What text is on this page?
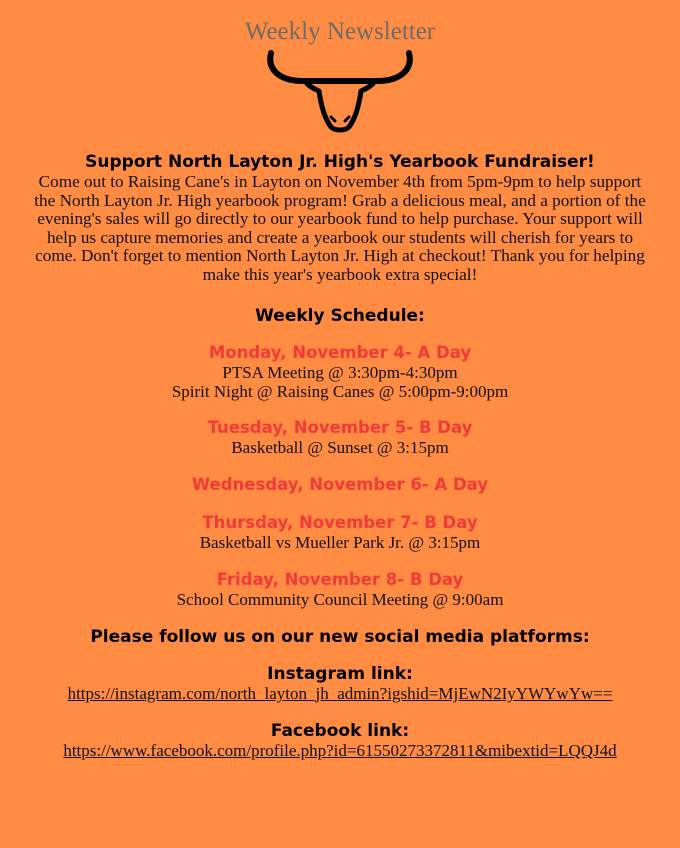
Weekly Newsletter
Support North Layton Jr. High's Yearbook Fundraiser!
Come out to Raising Cane's in Layton on November 4th from 5pm-9pm to help support
the North Layton Jr. High yearbook program! Grab a delicious meal, and a portion of the
evening's sales will go directly to our yearbook fund to help purchase. Your support will
help us capture memories and create a yearbook our students will cherish for years to
come. Don't forget to mention North Layton Jr. High at checkout! Thank you for helping
make this year's yearbook extra special!
Weekly Schedule:
Monday, November 4- A Day
PTSA Meeting @ 3:30pm-4:30pm
Spirit Night @ Raising Canes @ 5:00pm-9:00pm
Tuesday, November 5- B Day
Basketball @ Sunset @ 3:15pm
Wednesday, November 6- A Day
Thursday, November 7- B Day
Basketball vs Mueller Park Jr. @ 3:15pm
Friday, November 8- B Day
School Community Council Meeting @ 9:00am
Please follow us on our new social media platforms:
Instagram link:
https://instagram.com/north_layton_jh_admin?igshid=MjEwN2IyYWYwYw==
Facebook link:
https://www.facebook.com/profile.php?id=61550273372811&mibextid=LQQJ4d
